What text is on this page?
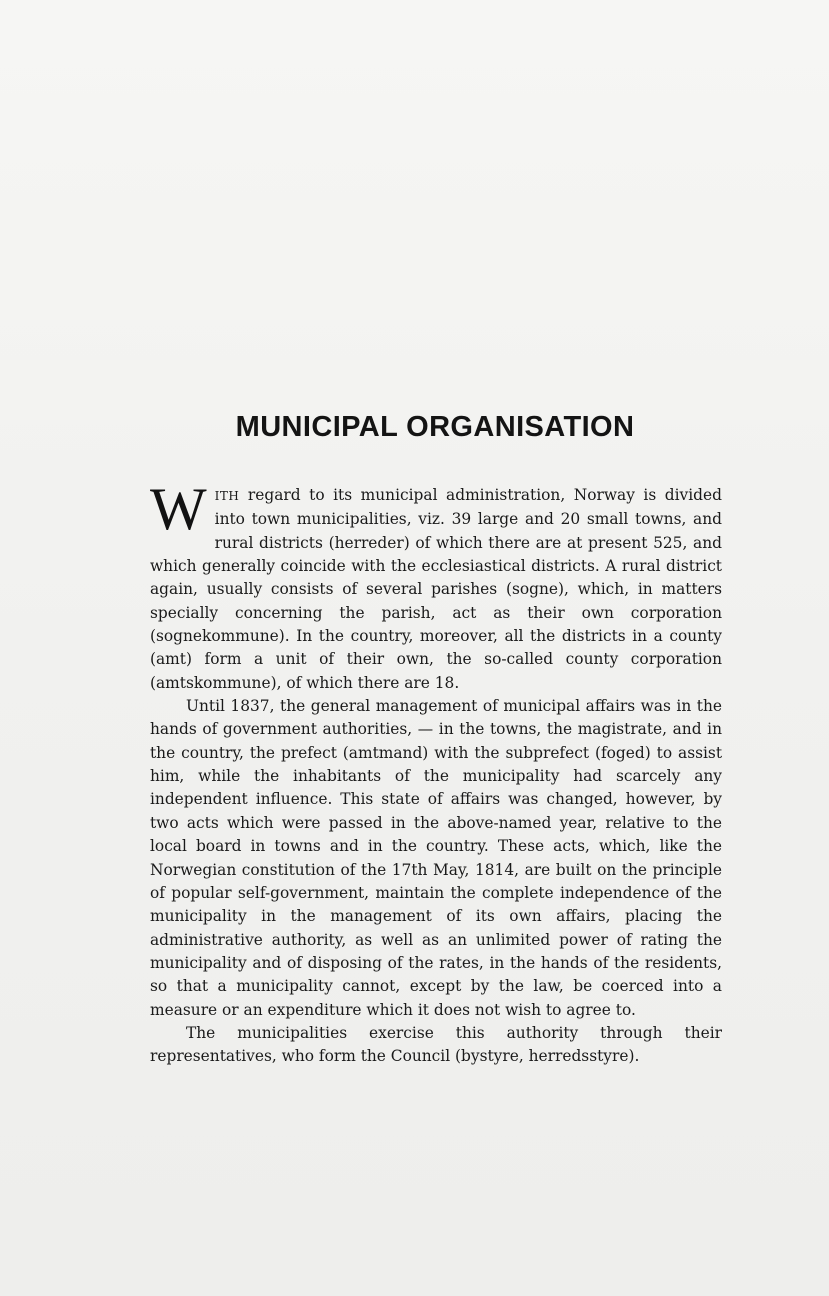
MUNICIPAL ORGANISATION

WITH regard to its municipal administration, Norway is divided into town municipalities, viz. 39 large and 20 small towns, and rural districts (herreder) of which there are at present 525, and which generally coincide with the ecclesiastical districts. A rural district again, usually consists of several parishes (sogne), which, in matters specially concerning the parish, act as their own corporation (sognekommune). In the country, moreover, all the districts in a county (amt) form a unit of their own, the so-called county corporation (amtskommune), of which there are 18.

Until 1837, the general management of municipal affairs was in the hands of government authorities, — in the towns, the magistrate, and in the country, the prefect (amtmand) with the subprefect (foged) to assist him, while the inhabitants of the municipality had scarcely any independent influence. This state of affairs was changed, however, by two acts which were passed in the above-named year, relative to the local board in towns and in the country. These acts, which, like the Norwegian constitution of the 17th May, 1814, are built on the principle of popular self-government, maintain the complete independence of the municipality in the management of its own affairs, placing the administrative authority, as well as an unlimited power of rating the municipality and of disposing of the rates, in the hands of the residents, so that a municipality cannot, except by the law, be coerced into a measure or an expenditure which it does not wish to agree to.

The municipalities exercise this authority through their representatives, who form the Council (bystyre, herredsstyre).
